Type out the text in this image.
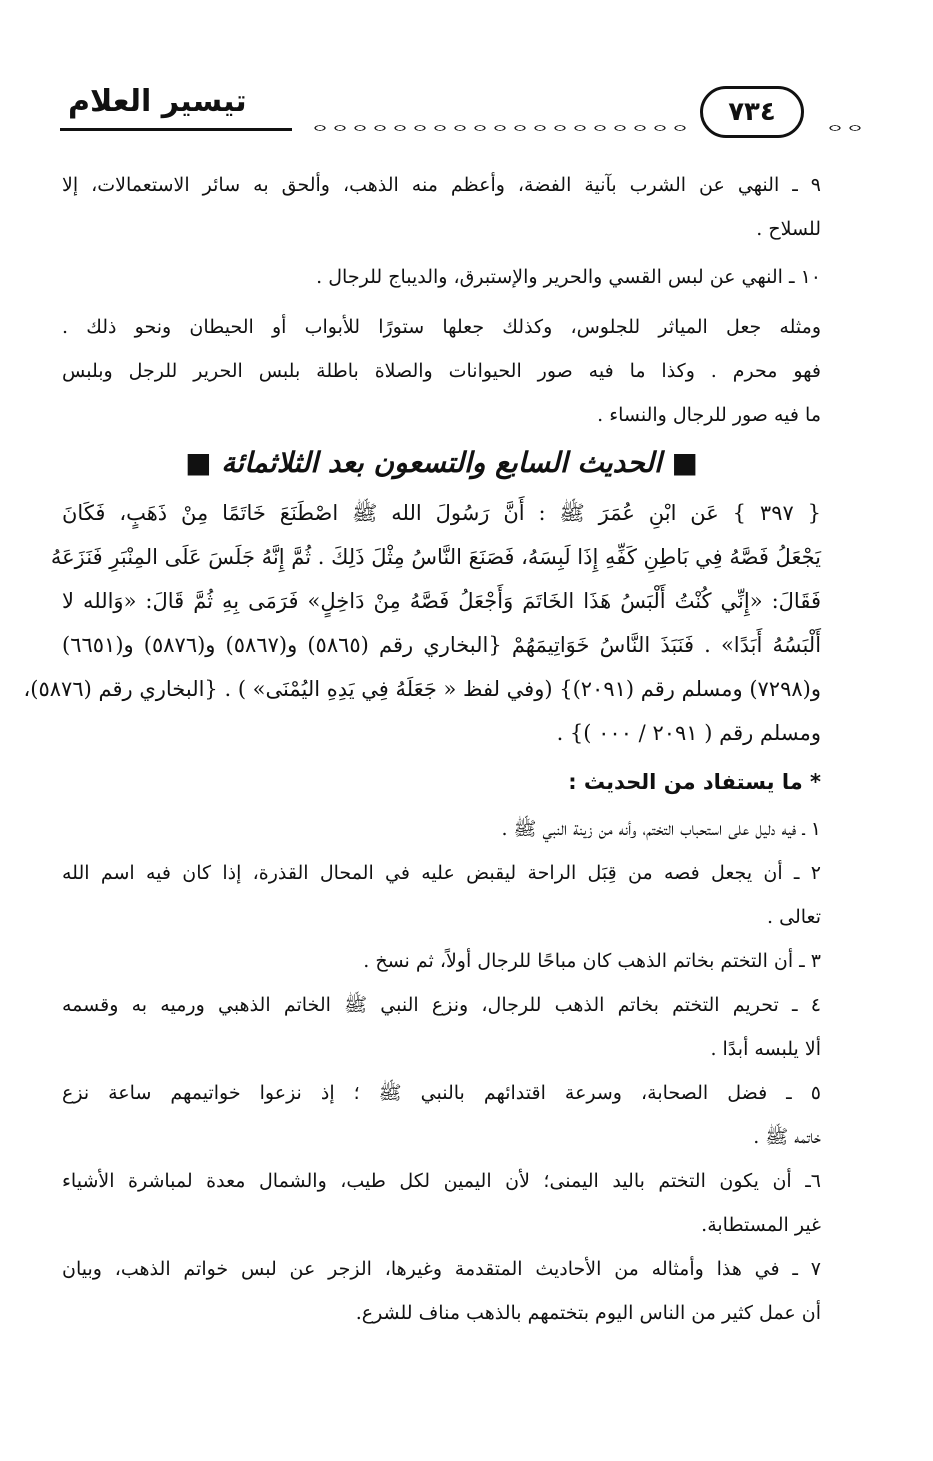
تيسير العلام	٧٣٤
٩ ـ النهي عن الشرب بآنية الفضة، وأعظم منه الذهب، وألحق به سائر الاستعمالات، إلا
للسلاح .
١٠ ـ النهي عن لبس القسي والحرير والإستبرق، والديباج للرجال .
ومثله جعل المياثر للجلوس، وكذلك جعلها ستورًا للأبواب أو الحيطان ونحو ذلك .
فهو محرم . وكذا ما فيه صور الحيوانات والصلاة باطلة بلبس الحرير للرجل وبلبس
ما فيه صور للرجال والنساء .
■ الحديث السابع والتسعون بعد الثلاثمائة ■
{ ٣٩٧ } عَن ابْنِ عُمَرَ ﷺ : أَنَّ رَسُولَ الله ﷺ اصْطَنَعَ خَاتَمًا مِنْ ذَهَبٍ، فَكَانَ
يَجْعَلُ فَصَّهُ فِي بَاطِنِ كَفِّهِ إِذَا لَبِسَهُ، فَصَنَعَ النَّاسُ مِثْلَ ذَلِكَ . ثُمَّ إِنَّهُ جَلَسَ عَلَى المِنْبَرِ فَنَزَعَهُ
فَقَالَ: «إِنِّي كُنْتُ أَلْبَسُ هَذَا الخَاتَمَ وَأَجْعَلُ فَصَّهُ مِنْ دَاخِلٍ» فَرَمَى بِهِ ثُمَّ قَالَ: «وَالله لا
أَلْبَسُهُ أَبَدًا» . فَنَبَذَ النَّاسُ خَوَاتِيمَهُمْ {البخاري رقم (٥٨٦٥) و(٥٨٦٧) و(٥٨٧٦) و(٦٦٥١)
و(٧٢٩٨) ومسلم رقم (٢٠٩١)} (وفي لفظ « جَعَلَهُ فِي يَدِهِ اليُمْنَى» ) . {البخاري رقم (٥٨٧٦)،
ومسلم رقم ( ٢٠٩١ / ٠٠٠ )} .
* ما يستفاد من الحديث :
١ ـ فيه دليل على استحباب التختم، وأنه من زينة النبي ﷺ .
٢ ـ أن يجعل فصه من قِبَل الراحة ليقبض عليه في المحال القذرة، إذا كان فيه اسم الله
تعالى .
٣ ـ أن التختم بخاتم الذهب كان مباحًا للرجال أولاً، ثم نسخ .
٤ ـ تحريم التختم بخاتم الذهب للرجال، ونزع النبي ﷺ الخاتم الذهبي ورميه به وقسمه
ألا يلبسه أبدًا .
٥ ـ فضل الصحابة، وسرعة اقتدائهم بالنبي ﷺ ؛ إذ نزعوا خواتيمهم ساعة نزع
خاتمه ﷺ .
٦ـ أن يكون التختم باليد اليمنى؛ لأن اليمين لكل طيب، والشمال معدة لمباشرة الأشياء
غير المستطابة.
٧ ـ في هذا وأمثاله من الأحاديث المتقدمة وغيرها، الزجر عن لبس خواتم الذهب، وبيان
أن عمل كثير من الناس اليوم بتختمهم بالذهب مناف للشرع.
